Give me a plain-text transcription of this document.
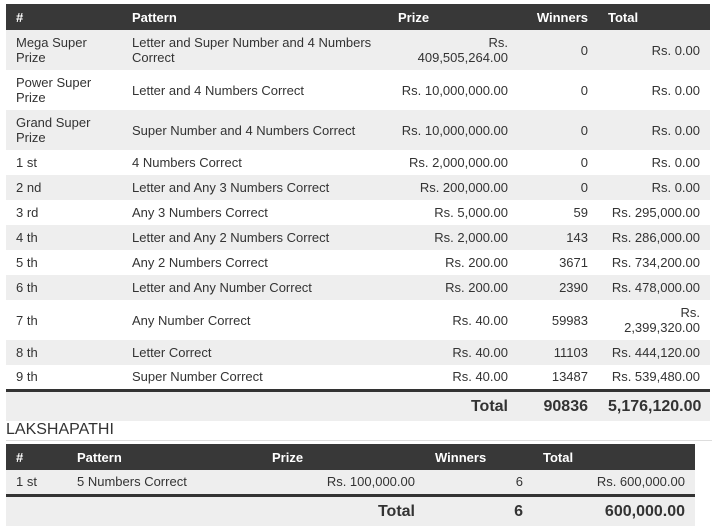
#	Pattern	Prize	Winners	Total
Mega Super Prize	Letter and Super Number and 4 Numbers Correct	Rs. 409,505,264.00	0	Rs. 0.00
Power Super Prize	Letter and 4 Numbers Correct	Rs. 10,000,000.00	0	Rs. 0.00
Grand Super Prize	Super Number and 4 Numbers Correct	Rs. 10,000,000.00	0	Rs. 0.00
1 st	4 Numbers Correct	Rs. 2,000,000.00	0	Rs. 0.00
2 nd	Letter and Any 3 Numbers Correct	Rs. 200,000.00	0	Rs. 0.00
3 rd	Any 3 Numbers Correct	Rs. 5,000.00	59	Rs. 295,000.00
4 th	Letter and Any 2 Numbers Correct	Rs. 2,000.00	143	Rs. 286,000.00
5 th	Any 2 Numbers Correct	Rs. 200.00	3671	Rs. 734,200.00
6 th	Letter and Any Number Correct	Rs. 200.00	2390	Rs. 478,000.00
7 th	Any Number Correct	Rs. 40.00	59983	Rs. 2,399,320.00
8 th	Letter Correct	Rs. 40.00	11103	Rs. 444,120.00
9 th	Super Number Correct	Rs. 40.00	13487	Rs. 539,480.00
		Total	90836	5,176,120.00
LAKSHAPATHI
#	Pattern	Prize	Winners	Total
1 st	5 Numbers Correct	Rs. 100,000.00	6	Rs. 600,000.00
		Total	6	600,000.00
